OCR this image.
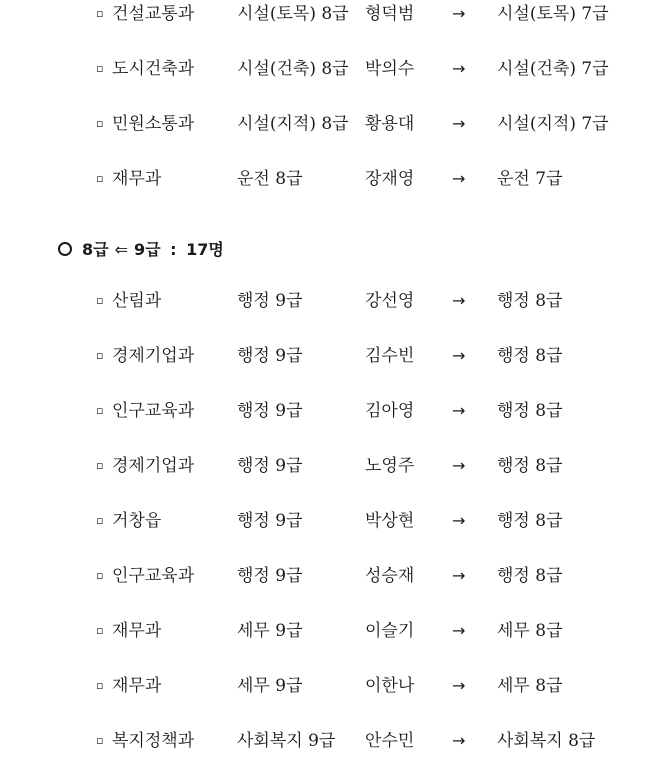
▫ 건설교통과	시설(토목) 8급 형덕범 → 시설(토목) 7급
▫ 도시건축과	시설(건축) 8급 박의수 → 시설(건축) 7급
▫ 민원소통과	시설(지적) 8급 황용대 → 시설(지적) 7급
▫ 재무과	운전 8급	장재영 → 운전 7급
8급 ⇐ 9급 : 17명
▫ 산림과	행정 9급	강선영 → 행정 8급
▫ 경제기업과	행정 9급	김수빈 → 행정 8급
▫ 인구교육과	행정 9급	김아영 → 행정 8급
▫ 경제기업과	행정 9급	노영주 → 행정 8급
▫ 거창읍	행정 9급	박상현 → 행정 8급
▫ 인구교육과	행정 9급	성승재 → 행정 8급
▫ 재무과	세무 9급	이슬기 → 세무 8급
▫ 재무과	세무 9급	이한나 → 세무 8급
▫ 복지정책과	사회복지 9급 안수민 → 사회복지 8급
